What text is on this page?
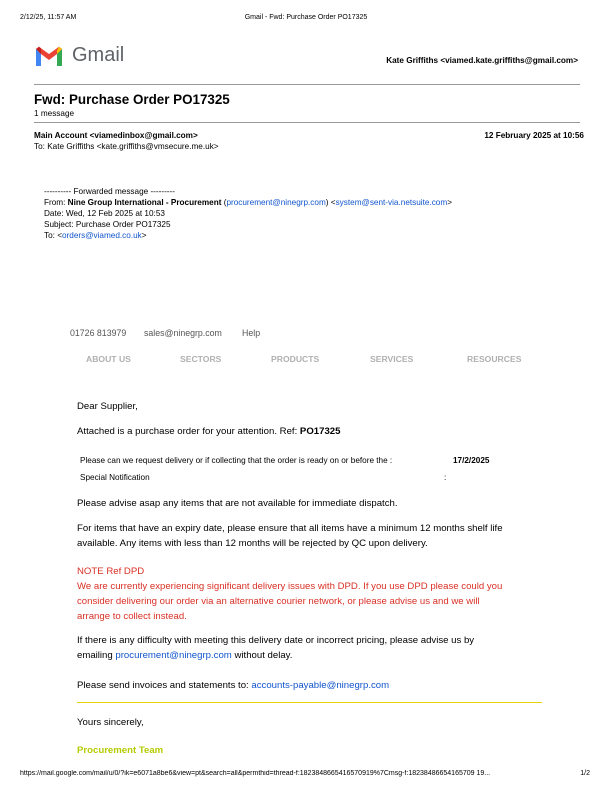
2/12/25, 11:57 AM	Gmail - Fwd: Purchase Order PO17325
Gmail	Kate Griffiths <viamed.kate.griffiths@gmail.com>
Fwd: Purchase Order PO17325
1 message
Main Account <viamedinbox@gmail.com>	12 February 2025 at 10:56
To: Kate Griffiths <kate.griffiths@vmsecure.me.uk>
---------- Forwarded message ---------
From: Nine Group International - Procurement (procurement@ninegrp.com) <system@sent-via.netsuite.com>
Date: Wed, 12 Feb 2025 at 10:53
Subject: Purchase Order PO17325
To: <orders@viamed.co.uk>
01726 813979 sales@ninegrp.com Help
ABOUT US	SECTORS	PRODUCTS	SERVICES	RESOURCES
Dear Supplier,
Attached is a purchase order for your attention. Ref: PO17325
Please can we request delivery or if collecting that the order is ready on or before the :	17/2/2025
Special Notification	:
Please advise asap any items that are not available for immediate dispatch.
For items that have an expiry date, please ensure that all items have a minimum 12 months shelf life
available. Any items with less than 12 months will be rejected by QC upon delivery.
NOTE Ref DPD
We are currently experiencing significant delivery issues with DPD. If you use DPD please could you
consider delivering our order via an alternative courier network, or please advise us and we will
arrange to collect instead.
If there is any difficulty with meeting this delivery date or incorrect pricing, please advise us by
emailing procurement@ninegrp.com without delay.
Please send invoices and statements to: accounts-payable@ninegrp.com
Yours sincerely,
Procurement Team
https://mail.google.com/mail/u/0/?ik=e6071a8be6&view=pt&search=all&permthid=thread-f:1823848665416570919%7Cmsg-f:18238486654165709 19...	1/2
